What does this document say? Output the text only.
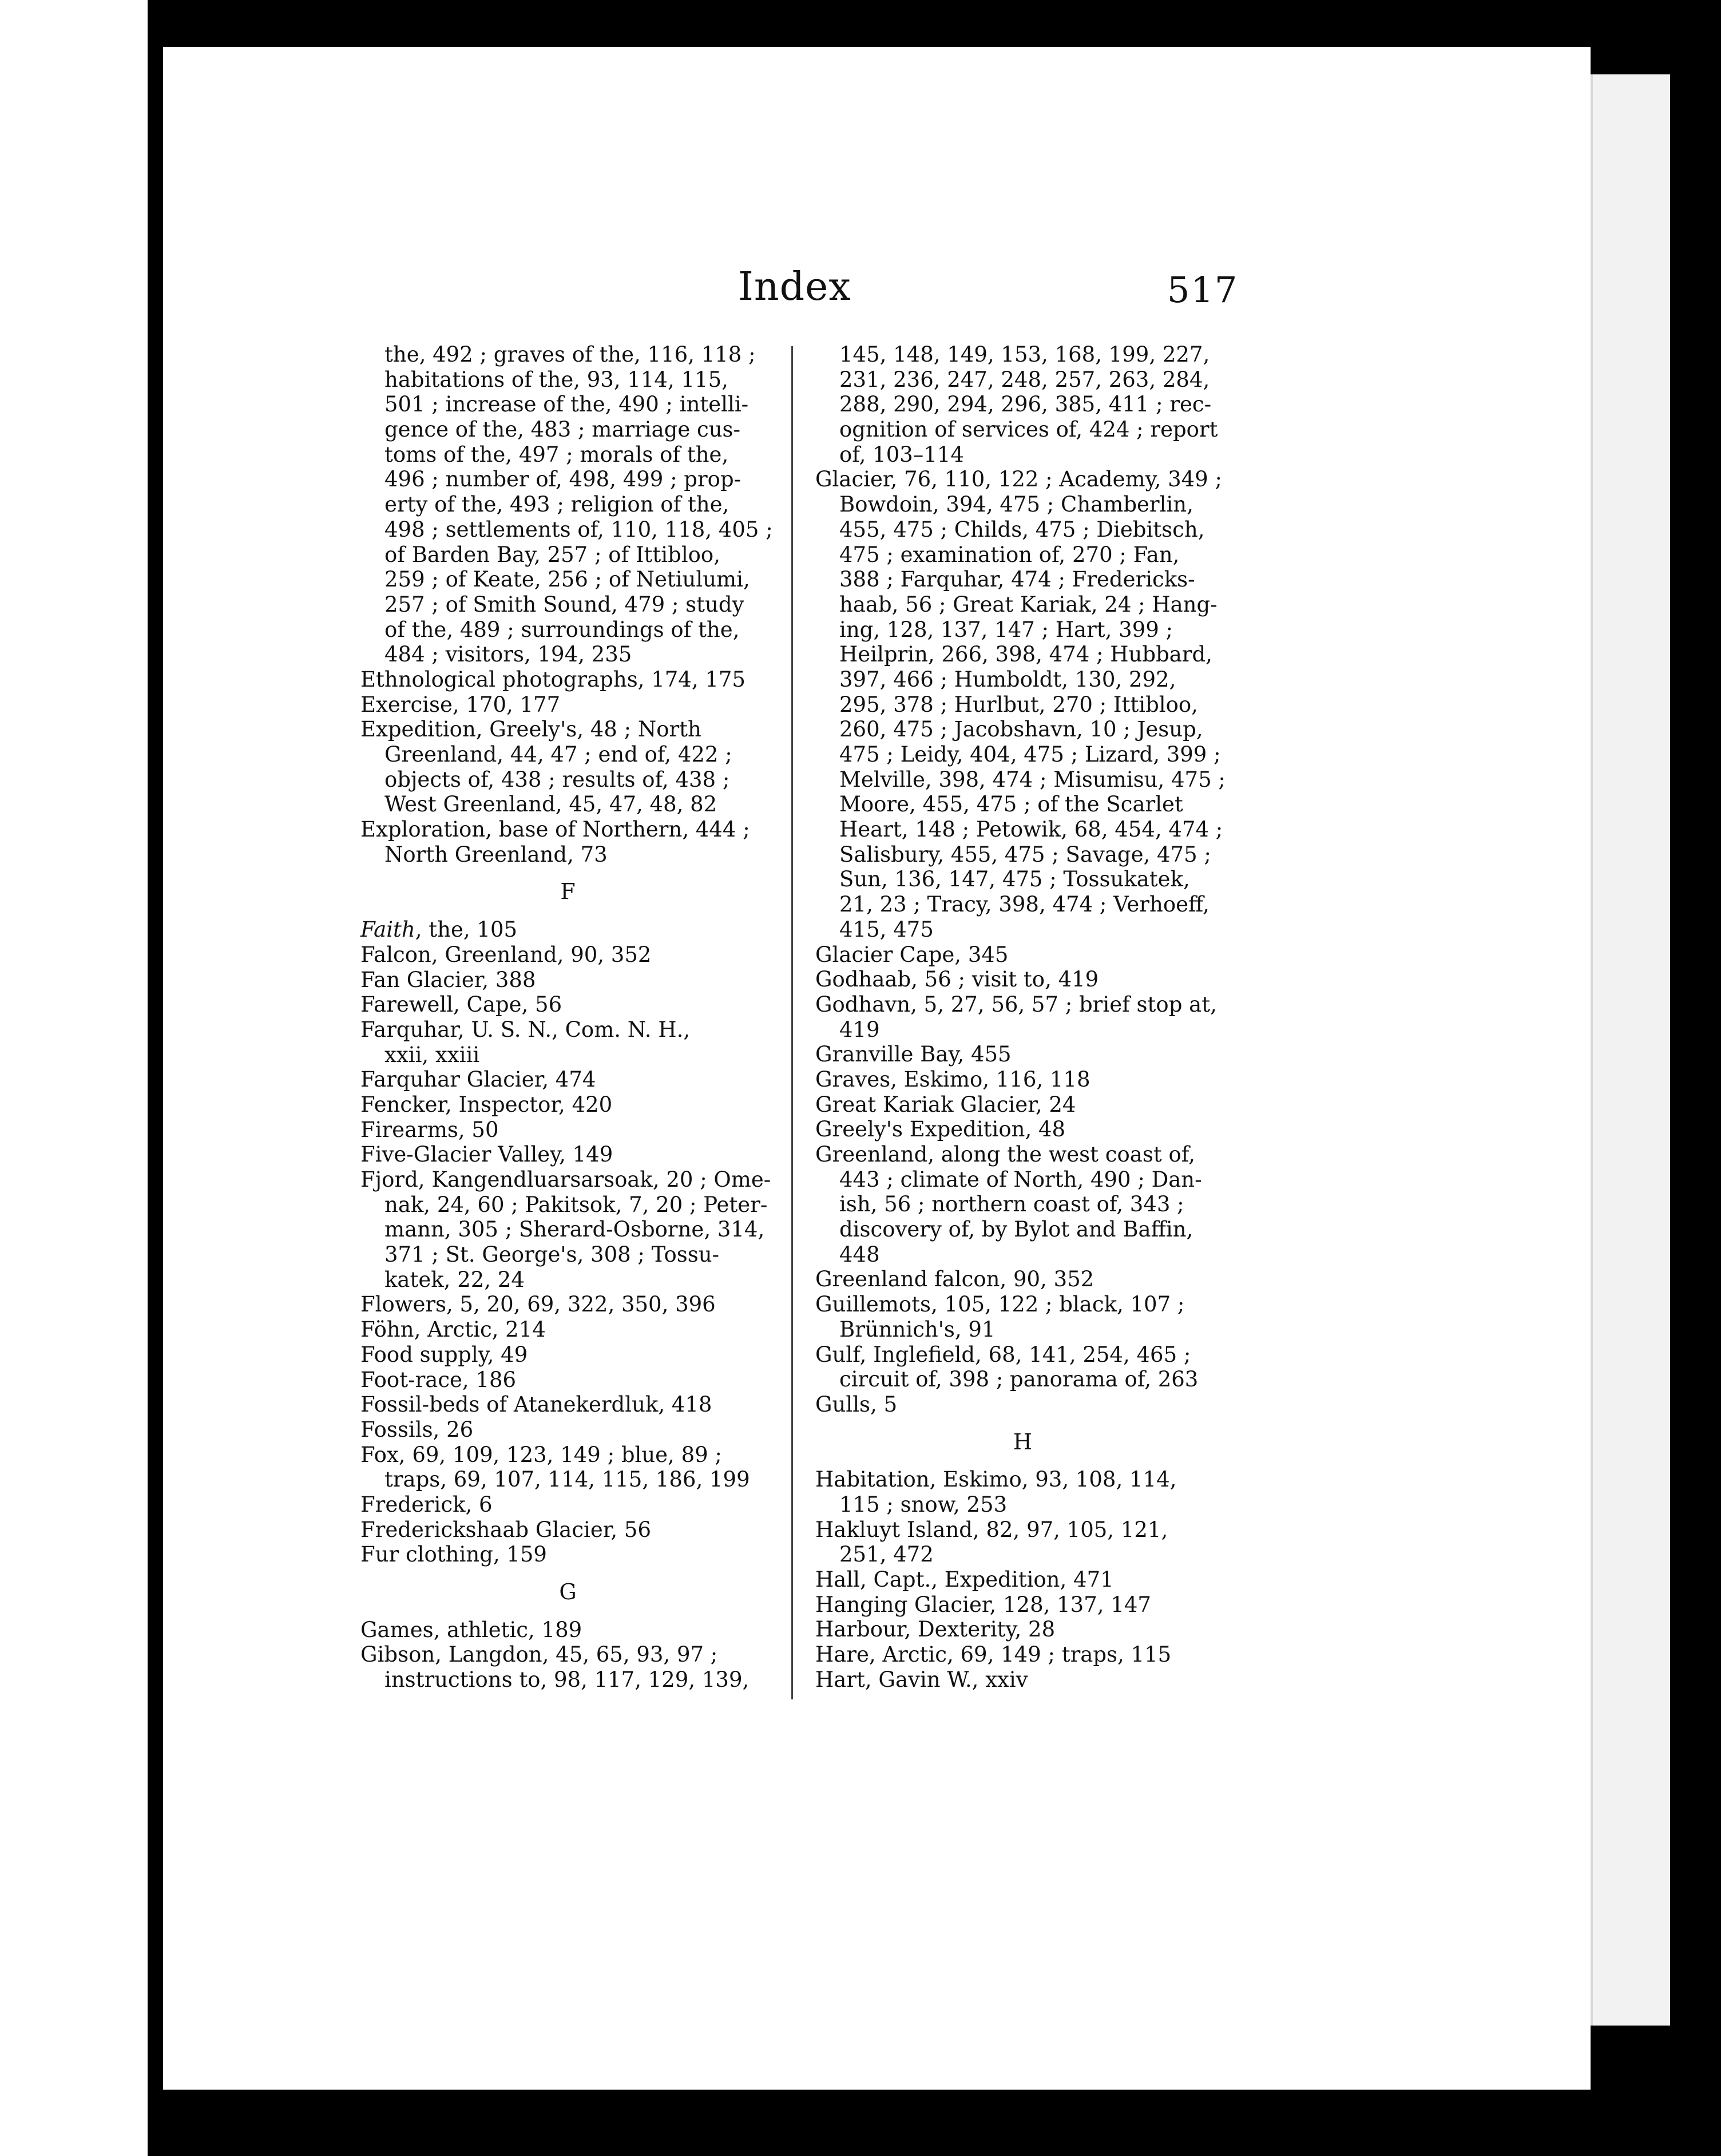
Index	517
the, 492 ; graves of the, 116, 118 ;
habitations of the, 93, 114, 115,
501 ; increase of the, 490 ; intelli-
gence of the, 483 ; marriage cus-
toms of the, 497 ; morals of the,
496 ; number of, 498, 499 ; prop-
erty of the, 493 ; religion of the,
498 ; settlements of, 110, 118, 405 ;
of Barden Bay, 257 ; of Ittibloo,
259 ; of Keate, 256 ; of Netiulumi,
257 ; of Smith Sound, 479 ; study
of the, 489 ; surroundings of the,
484 ; visitors, 194, 235
Ethnological photographs, 174, 175
Exercise, 170, 177
Expedition, Greely's, 48 ; North
Greenland, 44, 47 ; end of, 422 ;
objects of, 438 ; results of, 438 ;
West Greenland, 45, 47, 48, 82
Exploration, base of Northern, 444 ;
North Greenland, 73
F
Faith, the, 105
Falcon, Greenland, 90, 352
Fan Glacier, 388
Farewell, Cape, 56
Farquhar, U. S. N., Com. N. H.,
xxii, xxiii
Farquhar Glacier, 474
Fencker, Inspector, 420
Firearms, 50
Five-Glacier Valley, 149
Fjord, Kangendluarsarsoak, 20 ; Ome-
nak, 24, 60 ; Pakitsok, 7, 20 ; Peter-
mann, 305 ; Sherard-Osborne, 314,
371 ; St. George's, 308 ; Tossu-
katek, 22, 24
Flowers, 5, 20, 69, 322, 350, 396
Föhn, Arctic, 214
Food supply, 49
Foot-race, 186
Fossil-beds of Atanekerdluk, 418
Fossils, 26
Fox, 69, 109, 123, 149 ; blue, 89 ;
traps, 69, 107, 114, 115, 186, 199
Frederick, 6
Frederickshaab Glacier, 56
Fur clothing, 159
G
Games, athletic, 189
Gibson, Langdon, 45, 65, 93, 97 ;
instructions to, 98, 117, 129, 139,
145, 148, 149, 153, 168, 199, 227,
231, 236, 247, 248, 257, 263, 284,
288, 290, 294, 296, 385, 411 ; rec-
ognition of services of, 424 ; report
of, 103–114
Glacier, 76, 110, 122 ; Academy, 349 ;
Bowdoin, 394, 475 ; Chamberlin,
455, 475 ; Childs, 475 ; Diebitsch,
475 ; examination of, 270 ; Fan,
388 ; Farquhar, 474 ; Fredericks-
haab, 56 ; Great Kariak, 24 ; Hang-
ing, 128, 137, 147 ; Hart, 399 ;
Heilprin, 266, 398, 474 ; Hubbard,
397, 466 ; Humboldt, 130, 292,
295, 378 ; Hurlbut, 270 ; Ittibloo,
260, 475 ; Jacobshavn, 10 ; Jesup,
475 ; Leidy, 404, 475 ; Lizard, 399 ;
Melville, 398, 474 ; Misumisu, 475 ;
Moore, 455, 475 ; of the Scarlet
Heart, 148 ; Petowik, 68, 454, 474 ;
Salisbury, 455, 475 ; Savage, 475 ;
Sun, 136, 147, 475 ; Tossukatek,
21, 23 ; Tracy, 398, 474 ; Verhoeff,
415, 475
Glacier Cape, 345
Godhaab, 56 ; visit to, 419
Godhavn, 5, 27, 56, 57 ; brief stop at,
419
Granville Bay, 455
Graves, Eskimo, 116, 118
Great Kariak Glacier, 24
Greely's Expedition, 48
Greenland, along the west coast of,
443 ; climate of North, 490 ; Dan-
ish, 56 ; northern coast of, 343 ;
discovery of, by Bylot and Baffin,
448
Greenland falcon, 90, 352
Guillemots, 105, 122 ; black, 107 ;
Brünnich's, 91
Gulf, Inglefield, 68, 141, 254, 465 ;
circuit of, 398 ; panorama of, 263
Gulls, 5
H
Habitation, Eskimo, 93, 108, 114,
115 ; snow, 253
Hakluyt Island, 82, 97, 105, 121,
251, 472
Hall, Capt., Expedition, 471
Hanging Glacier, 128, 137, 147
Harbour, Dexterity, 28
Hare, Arctic, 69, 149 ; traps, 115
Hart, Gavin W., xxiv
